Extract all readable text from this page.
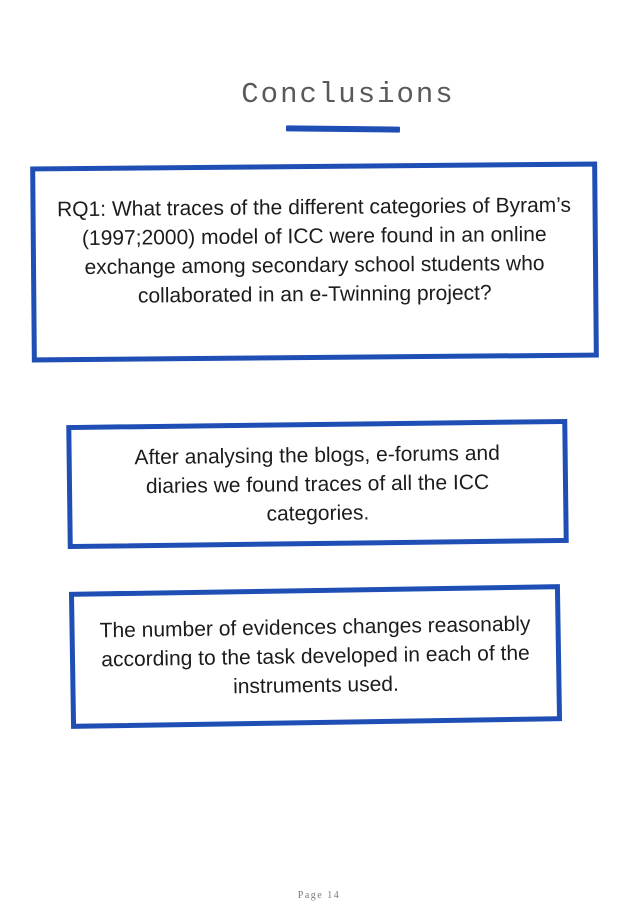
Conclusions

RQ1: What traces of the different categories of Byram’s (1997;2000) model of ICC were found in an online exchange among secondary school students who collaborated in an e-Twinning project?

After analysing the blogs, e-forums and diaries we found traces of all the ICC categories.

The number of evidences changes reasonably according to the task developed in each of the instruments used.

Page 14
